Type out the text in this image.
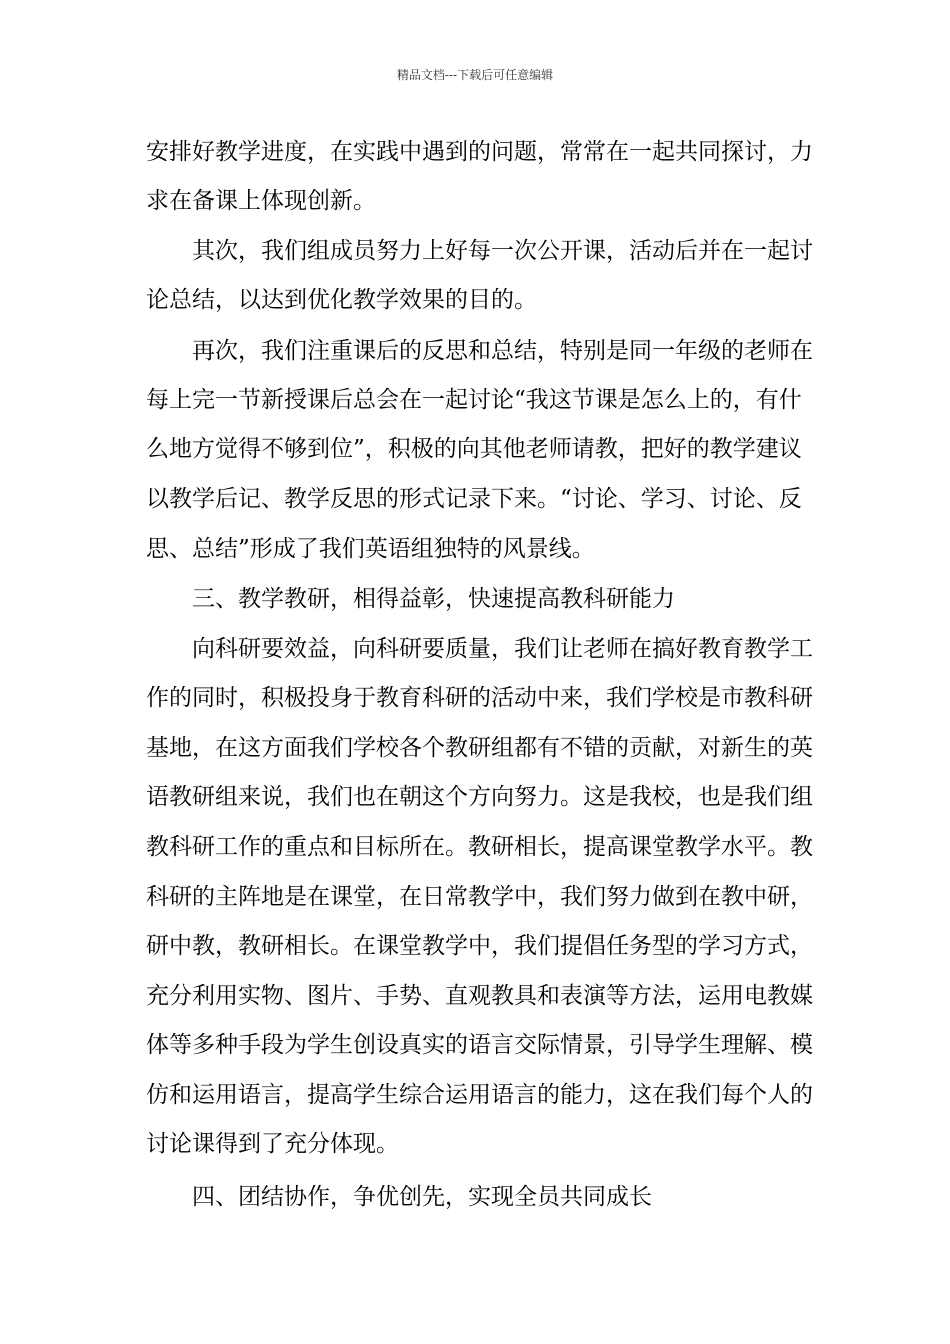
精品文档---下载后可任意编辑
安排好教学进度，在实践中遇到的问题，常常在一起共同探讨，力
求在备课上体现创新。
其次，我们组成员努力上好每一次公开课，活动后并在一起讨
论总结，以达到优化教学效果的目的。
再次，我们注重课后的反思和总结，特别是同一年级的老师在
每上完一节新授课后总会在一起讨论“我这节课是怎么上的，有什
么地方觉得不够到位”，积极的向其他老师请教，把好的教学建议
以教学后记、教学反思的形式记录下来。“讨论、学习、讨论、反
思、总结”形成了我们英语组独特的风景线。
三、教学教研，相得益彰，快速提高教科研能力
向科研要效益，向科研要质量，我们让老师在搞好教育教学工
作的同时，积极投身于教育科研的活动中来，我们学校是市教科研
基地，在这方面我们学校各个教研组都有不错的贡献，对新生的英
语教研组来说，我们也在朝这个方向努力。这是我校，也是我们组
教科研工作的重点和目标所在。教研相长，提高课堂教学水平。教
科研的主阵地是在课堂，在日常教学中，我们努力做到在教中研，
研中教，教研相长。在课堂教学中，我们提倡任务型的学习方式，
充分利用实物、图片、手势、直观教具和表演等方法，运用电教媒
体等多种手段为学生创设真实的语言交际情景，引导学生理解、模
仿和运用语言，提高学生综合运用语言的能力，这在我们每个人的
讨论课得到了充分体现。
四、团结协作，争优创先，实现全员共同成长
